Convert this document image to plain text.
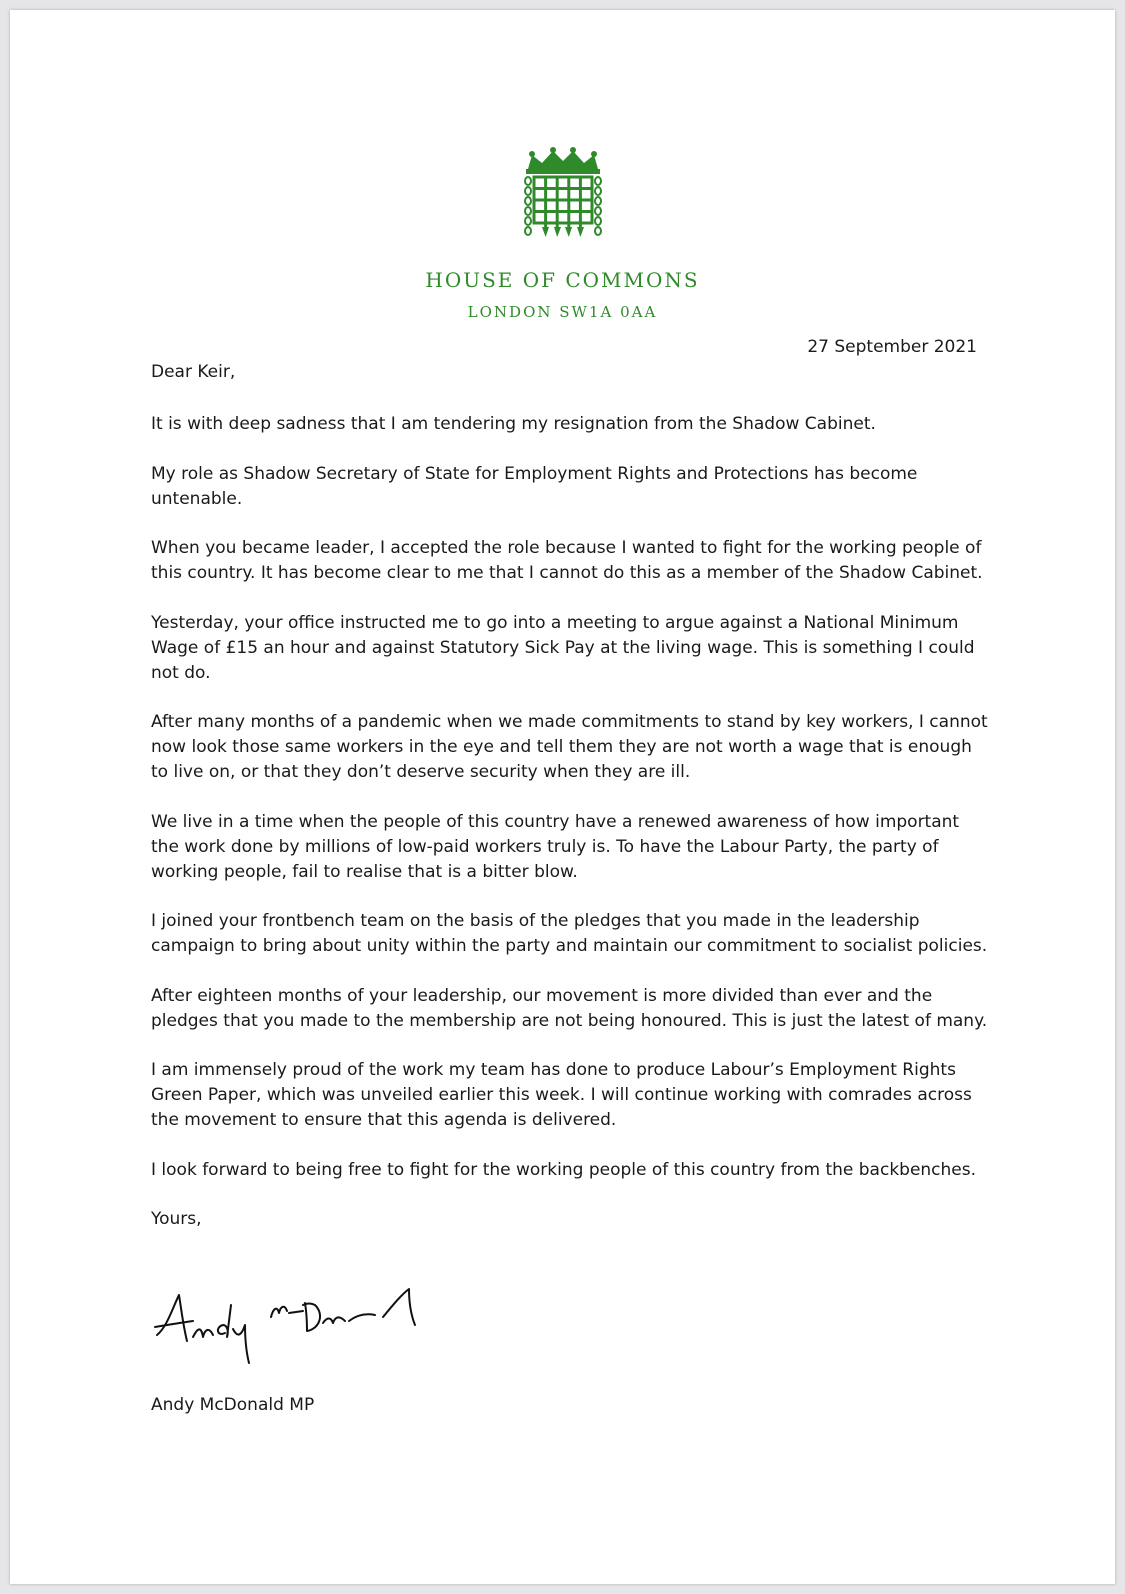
HOUSE OF COMMONS
LONDON SW1A 0AA
27 September 2021
Dear Keir,

It is with deep sadness that I am tendering my resignation from the Shadow Cabinet.

My role as Shadow Secretary of State for Employment Rights and Protections has become untenable.

When you became leader, I accepted the role because I wanted to fight for the working people of this country. It has become clear to me that I cannot do this as a member of the Shadow Cabinet.

Yesterday, your office instructed me to go into a meeting to argue against a National Minimum Wage of £15 an hour and against Statutory Sick Pay at the living wage. This is something I could not do.

After many months of a pandemic when we made commitments to stand by key workers, I cannot now look those same workers in the eye and tell them they are not worth a wage that is enough to live on, or that they don’t deserve security when they are ill.

We live in a time when the people of this country have a renewed awareness of how important the work done by millions of low-paid workers truly is. To have the Labour Party, the party of working people, fail to realise that is a bitter blow.

I joined your frontbench team on the basis of the pledges that you made in the leadership campaign to bring about unity within the party and maintain our commitment to socialist policies.

After eighteen months of your leadership, our movement is more divided than ever and the pledges that you made to the membership are not being honoured. This is just the latest of many.

I am immensely proud of the work my team has done to produce Labour’s Employment Rights Green Paper, which was unveiled earlier this week. I will continue working with comrades across the movement to ensure that this agenda is delivered.

I look forward to being free to fight for the working people of this country from the backbenches.

Yours,

Andy McDonald MP
